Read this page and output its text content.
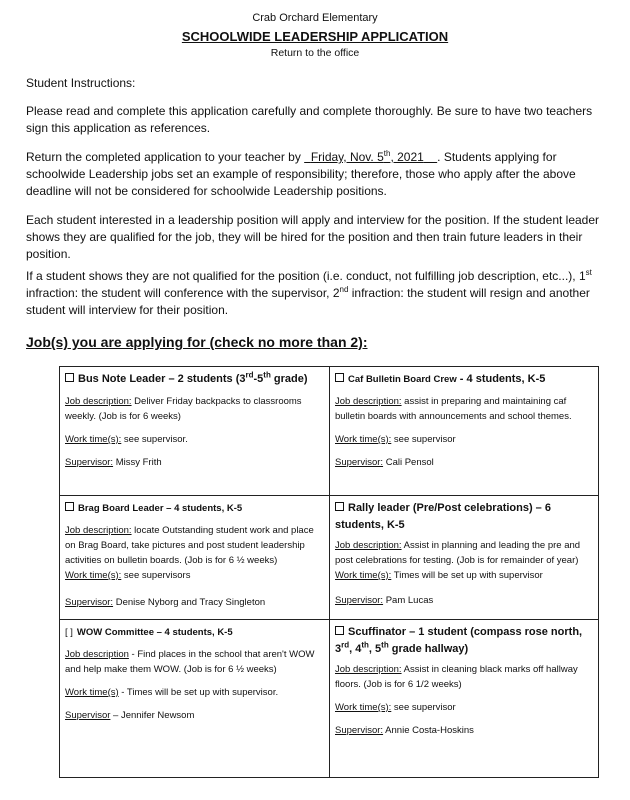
Crab Orchard Elementary
SCHOOLWIDE LEADERSHIP APPLICATION
Return to the office

Student Instructions:

Please read and complete this application carefully and complete thoroughly. Be sure to have two teachers sign this application as references.

Return the completed application to your teacher by   Friday, Nov. 5th, 2021 . Students applying for schoolwide Leadership jobs set an example of responsibility; therefore, those who apply after the above deadline will not be considered for schoolwide Leadership positions.

Each student interested in a leadership position will apply and interview for the position. If the student leader shows they are qualified for the job, they will be hired for the position and then train future leaders in their position.

If a student shows they are not qualified for the position (i.e. conduct, not fulfilling job description, etc...), 1st infraction: the student will conference with the supervisor, 2nd infraction: the student will resign and another student will interview for their position.

Job(s) you are applying for (check no more than 2):
Bus Note Leader – 2 students (3rd-5th grade)
Job description: Deliver Friday backpacks to classrooms weekly. (Job is for 6 weeks)
Work time(s): see supervisor.
Supervisor: Missy Frith
Caf Bulletin Board Crew - 4 students, K-5
Job description: assist in preparing and maintaining caf bulletin boards with announcements and school themes.
Work time(s): see supervisor
Supervisor: Cali Pensol
Brag Board Leader – 4 students, K-5
Job description: locate Outstanding student work and place on Brag Board, take pictures and post student leadership activities on bulletin boards. (Job is for 6 ½ weeks)
Work time(s): see supervisors
Supervisor: Denise Nyborg and Tracy Singleton
Rally leader (Pre/Post celebrations) – 6 students, K-5
Job description: Assist in planning and leading the pre and post celebrations for testing. (Job is for remainder of year)
Work time(s): Times will be set up with supervisor
Supervisor: Pam Lucas
[ ] WOW Committee – 4 students, K-5
Job description - Find places in the school that aren't WOW and help make them WOW. (Job is for 6 ½ weeks)
Work time(s) - Times will be set up with supervisor.
Supervisor – Jennifer Newsom
Scuffinator – 1 student (compass rose north, 3rd, 4th, 5th grade hallway)
Job description: Assist in cleaning black marks off hallway floors. (Job is for 6 1/2 weeks)
Work time(s): see supervisor
Supervisor: Annie Costa-Hoskins
